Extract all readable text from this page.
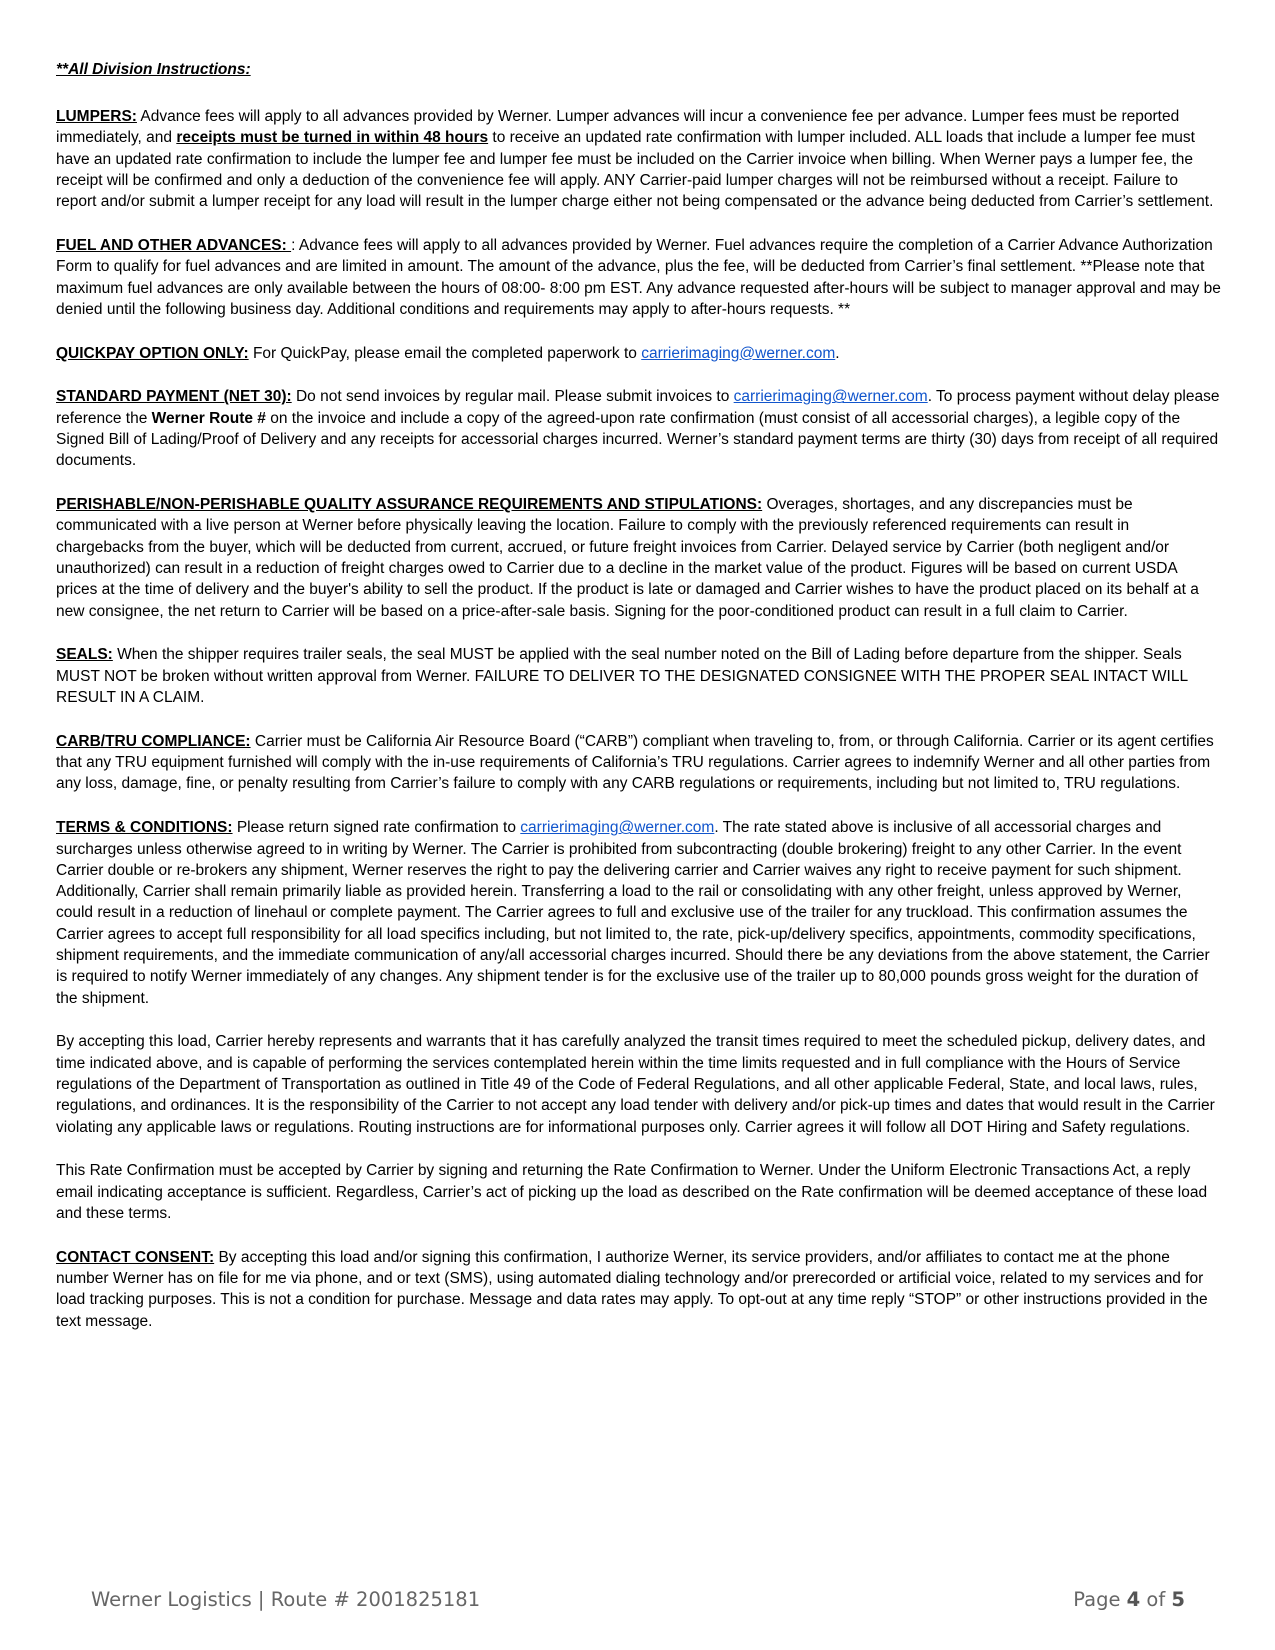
**All Division Instructions:

LUMPERS: Advance fees will apply to all advances provided by Werner. Lumper advances will incur a convenience fee per advance. Lumper fees must be reported immediately, and receipts must be turned in within 48 hours to receive an updated rate confirmation with lumper included. ALL loads that include a lumper fee must have an updated rate confirmation to include the lumper fee and lumper fee must be included on the Carrier invoice when billing. When Werner pays a lumper fee, the receipt will be confirmed and only a deduction of the convenience fee will apply. ANY Carrier-paid lumper charges will not be reimbursed without a receipt. Failure to report and/or submit a lumper receipt for any load will result in the lumper charge either not being compensated or the advance being deducted from Carrier’s settlement.

FUEL AND OTHER ADVANCES: : Advance fees will apply to all advances provided by Werner. Fuel advances require the completion of a Carrier Advance Authorization Form to qualify for fuel advances and are limited in amount. The amount of the advance, plus the fee, will be deducted from Carrier’s final settlement. **Please note that maximum fuel advances are only available between the hours of 08:00- 8:00 pm EST. Any advance requested after-hours will be subject to manager approval and may be denied until the following business day. Additional conditions and requirements may apply to after-hours requests. **

QUICKPAY OPTION ONLY: For QuickPay, please email the completed paperwork to carrierimaging@werner.com.

STANDARD PAYMENT (NET 30): Do not send invoices by regular mail. Please submit invoices to carrierimaging@werner.com. To process payment without delay please reference the Werner Route # on the invoice and include a copy of the agreed-upon rate confirmation (must consist of all accessorial charges), a legible copy of the Signed Bill of Lading/Proof of Delivery and any receipts for accessorial charges incurred. Werner’s standard payment terms are thirty (30) days from receipt of all required documents.

PERISHABLE/NON-PERISHABLE QUALITY ASSURANCE REQUIREMENTS AND STIPULATIONS: Overages, shortages, and any discrepancies must be communicated with a live person at Werner before physically leaving the location. Failure to comply with the previously referenced requirements can result in chargebacks from the buyer, which will be deducted from current, accrued, or future freight invoices from Carrier. Delayed service by Carrier (both negligent and/or unauthorized) can result in a reduction of freight charges owed to Carrier due to a decline in the market value of the product. Figures will be based on current USDA prices at the time of delivery and the buyer's ability to sell the product. If the product is late or damaged and Carrier wishes to have the product placed on its behalf at a new consignee, the net return to Carrier will be based on a price-after-sale basis. Signing for the poor-conditioned product can result in a full claim to Carrier.

SEALS: When the shipper requires trailer seals, the seal MUST be applied with the seal number noted on the Bill of Lading before departure from the shipper. Seals MUST NOT be broken without written approval from Werner. FAILURE TO DELIVER TO THE DESIGNATED CONSIGNEE WITH THE PROPER SEAL INTACT WILL RESULT IN A CLAIM.

CARB/TRU COMPLIANCE: Carrier must be California Air Resource Board (“CARB”) compliant when traveling to, from, or through California. Carrier or its agent certifies that any TRU equipment furnished will comply with the in-use requirements of California’s TRU regulations. Carrier agrees to indemnify Werner and all other parties from any loss, damage, fine, or penalty resulting from Carrier’s failure to comply with any CARB regulations or requirements, including but not limited to, TRU regulations.

TERMS & CONDITIONS: Please return signed rate confirmation to carrierimaging@werner.com. The rate stated above is inclusive of all accessorial charges and surcharges unless otherwise agreed to in writing by Werner. The Carrier is prohibited from subcontracting (double brokering) freight to any other Carrier. In the event Carrier double or re-brokers any shipment, Werner reserves the right to pay the delivering carrier and Carrier waives any right to receive payment for such shipment. Additionally, Carrier shall remain primarily liable as provided herein. Transferring a load to the rail or consolidating with any other freight, unless approved by Werner, could result in a reduction of linehaul or complete payment. The Carrier agrees to full and exclusive use of the trailer for any truckload. This confirmation assumes the Carrier agrees to accept full responsibility for all load specifics including, but not limited to, the rate, pick-up/delivery specifics, appointments, commodity specifications, shipment requirements, and the immediate communication of any/all accessorial charges incurred. Should there be any deviations from the above statement, the Carrier is required to notify Werner immediately of any changes. Any shipment tender is for the exclusive use of the trailer up to 80,000 pounds gross weight for the duration of the shipment.

By accepting this load, Carrier hereby represents and warrants that it has carefully analyzed the transit times required to meet the scheduled pickup, delivery dates, and time indicated above, and is capable of performing the services contemplated herein within the time limits requested and in full compliance with the Hours of Service regulations of the Department of Transportation as outlined in Title 49 of the Code of Federal Regulations, and all other applicable Federal, State, and local laws, rules, regulations, and ordinances. It is the responsibility of the Carrier to not accept any load tender with delivery and/or pick-up times and dates that would result in the Carrier violating any applicable laws or regulations. Routing instructions are for informational purposes only. Carrier agrees it will follow all DOT Hiring and Safety regulations.

This Rate Confirmation must be accepted by Carrier by signing and returning the Rate Confirmation to Werner. Under the Uniform Electronic Transactions Act, a reply email indicating acceptance is sufficient. Regardless, Carrier’s act of picking up the load as described on the Rate confirmation will be deemed acceptance of these load and these terms.

CONTACT CONSENT: By accepting this load and/or signing this confirmation, I authorize Werner, its service providers, and/or affiliates to contact me at the phone number Werner has on file for me via phone, and or text (SMS), using automated dialing technology and/or prerecorded or artificial voice, related to my services and for load tracking purposes. This is not a condition for purchase. Message and data rates may apply. To opt-out at any time reply “STOP” or other instructions provided in the text message.

Werner Logistics | Route # 2001825181	Page 4 of 5
